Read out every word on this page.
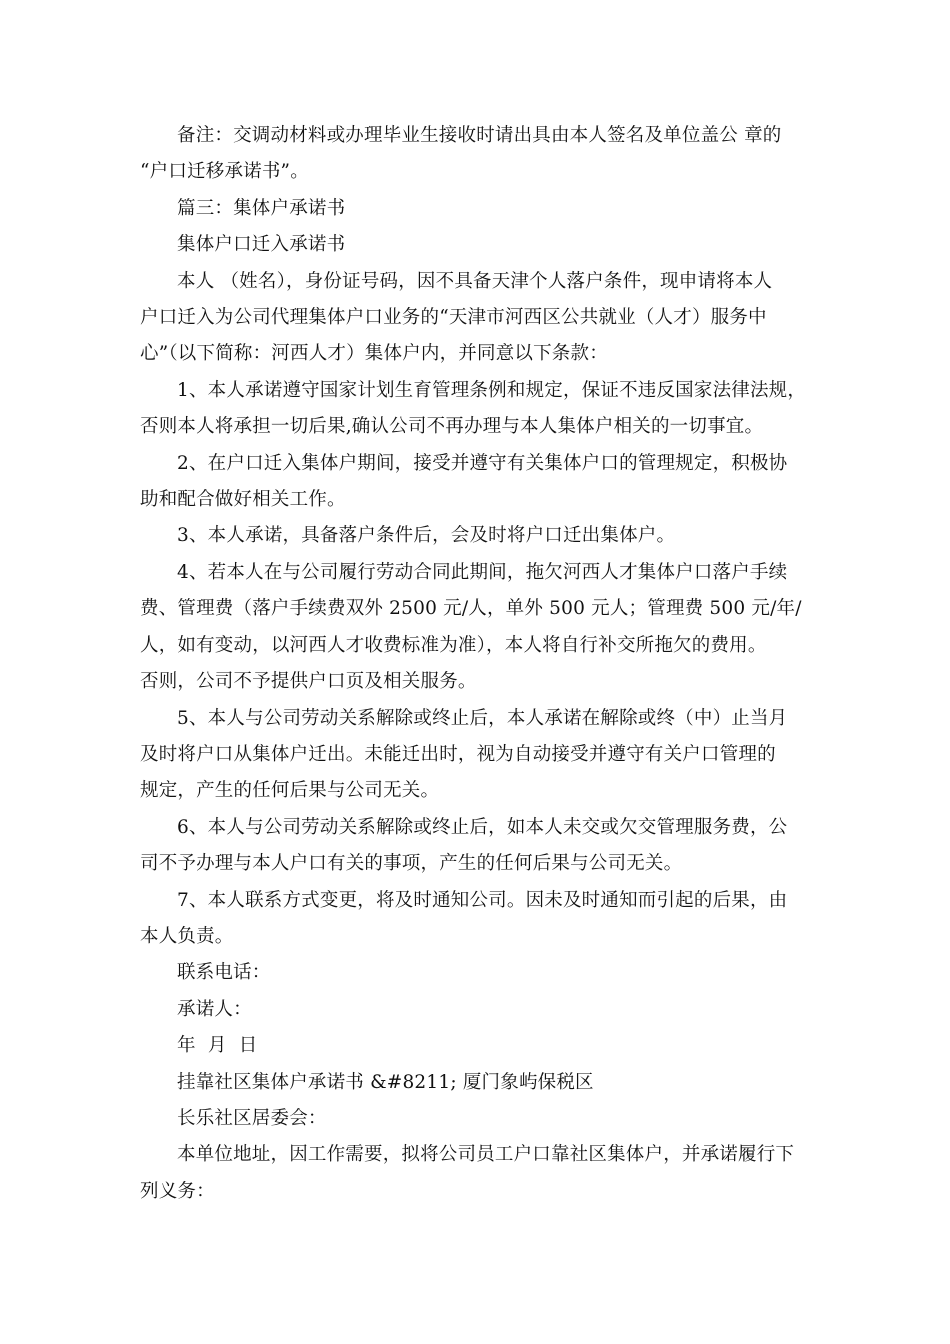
备注：交调动材料或办理毕业生接收时请出具由本人签名及单位盖公 章的
“户口迁移承诺书”。

篇三：集体户承诺书

集体户口迁入承诺书

本人 （姓名），身份证号码，因不具备天津个人落户条件，现申请将本人
户口迁入为公司代理集体户口业务的“天津市河西区公共就业（人才）服务中
心”（以下简称：河西人才）集体户内，并同意以下条款：

1、本人承诺遵守国家计划生育管理条例和规定，保证不违反国家法律法规，
否则本人将承担一切后果,确认公司不再办理与本人集体户相关的一切事宜。

2、在户口迁入集体户期间，接受并遵守有关集体户口的管理规定，积极协
助和配合做好相关工作。

3、本人承诺，具备落户条件后，会及时将户口迁出集体户。

4、若本人在与公司履行劳动合同此期间，拖欠河西人才集体户口落户手续
费、管理费（落户手续费双外 2500 元/人，单外 500 元人；管理费 500 元/年/
人，如有变动，以河西人才收费标准为准），本人将自行补交所拖欠的费用。
否则，公司不予提供户口页及相关服务。

5、本人与公司劳动关系解除或终止后，本人承诺在解除或终（中）止当月
及时将户口从集体户迁出。未能迁出时，视为自动接受并遵守有关户口管理的
规定，产生的任何后果与公司无关。

6、本人与公司劳动关系解除或终止后，如本人未交或欠交管理服务费，公
司不予办理与本人户口有关的事项，产生的任何后果与公司无关。

7、本人联系方式变更，将及时通知公司。因未及时通知而引起的后果，由
本人负责。

联系电话：

承诺人：

年  月  日

挂靠社区集体户承诺书 &#8211; 厦门象屿保税区

长乐社区居委会：

本单位地址，因工作需要，拟将公司员工户口靠社区集体户，并承诺履行下
列义务：
